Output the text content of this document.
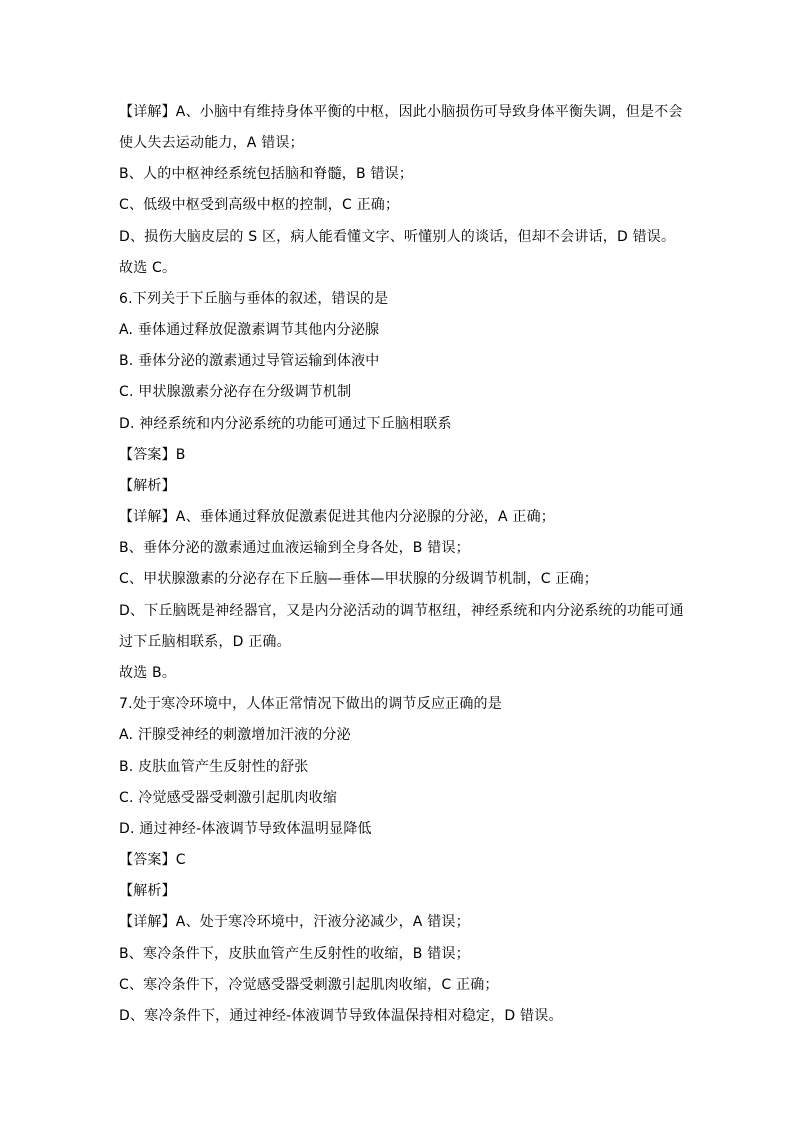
【详解】A、小脑中有维持身体平衡的中枢，因此小脑损伤可导致身体平衡失调，但是不会
使人失去运动能力，A 错误；
B、人的中枢神经系统包括脑和脊髓，B 错误；
C、低级中枢受到高级中枢的控制，C 正确；
D、损伤大脑皮层的 S 区，病人能看懂文字、听懂别人的谈话，但却不会讲话，D 错误。
故选 C。
6.下列关于下丘脑与垂体的叙述，错误的是
A. 垂体通过释放促激素调节其他内分泌腺
B. 垂体分泌的激素通过导管运输到体液中
C. 甲状腺激素分泌存在分级调节机制
D. 神经系统和内分泌系统的功能可通过下丘脑相联系
【答案】B
【解析】
【详解】A、垂体通过释放促激素促进其他内分泌腺的分泌，A 正确；
B、垂体分泌的激素通过血液运输到全身各处，B 错误；
C、甲状腺激素的分泌存在下丘脑—垂体—甲状腺的分级调节机制，C 正确；
D、下丘脑既是神经器官，又是内分泌活动的调节枢纽，神经系统和内分泌系统的功能可通
过下丘脑相联系，D 正确。
故选 B。
7.处于寒冷环境中，人体正常情况下做出的调节反应正确的是
A. 汗腺受神经的刺激增加汗液的分泌
B. 皮肤血管产生反射性的舒张
C. 冷觉感受器受刺激引起肌肉收缩
D. 通过神经-体液调节导致体温明显降低
【答案】C
【解析】
【详解】A、处于寒冷环境中，汗液分泌减少，A 错误；
B、寒冷条件下，皮肤血管产生反射性的收缩，B 错误；
C、寒冷条件下，冷觉感受器受刺激引起肌肉收缩，C 正确；
D、寒冷条件下，通过神经-体液调节导致体温保持相对稳定，D 错误。
